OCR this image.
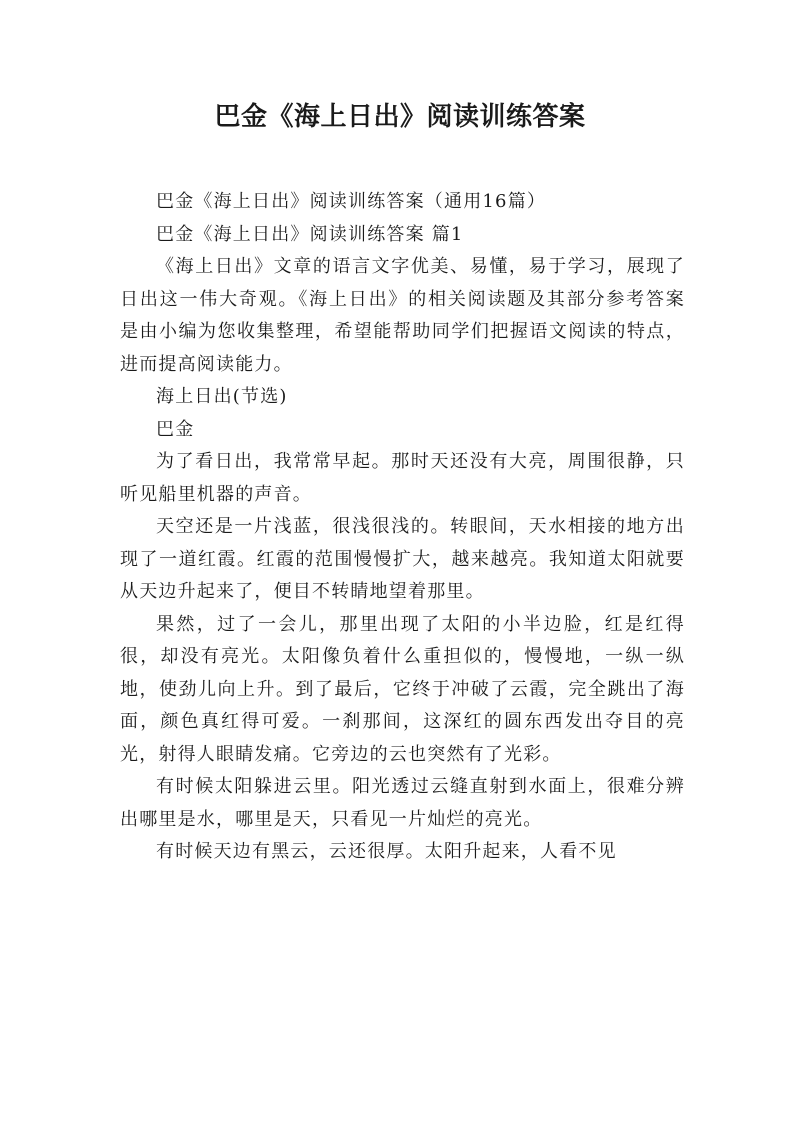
巴金《海上日出》阅读训练答案

巴金《海上日出》阅读训练答案（通用16篇）

巴金《海上日出》阅读训练答案 篇1

《海上日出》文章的语言文字优美、易懂，易于学习，展现了日出这一伟大奇观。《海上日出》的相关阅读题及其部分参考答案是由小编为您收集整理，希望能帮助同学们把握语文阅读的特点，进而提高阅读能力。

海上日出(节选)

巴金

为了看日出，我常常早起。那时天还没有大亮，周围很静，只听见船里机器的声音。

天空还是一片浅蓝，很浅很浅的。转眼间，天水相接的地方出现了一道红霞。红霞的范围慢慢扩大，越来越亮。我知道太阳就要从天边升起来了，便目不转睛地望着那里。

果然，过了一会儿，那里出现了太阳的小半边脸，红是红得很，却没有亮光。太阳像负着什么重担似的，慢慢地，一纵一纵地，使劲儿向上升。到了最后，它终于冲破了云霞，完全跳出了海面，颜色真红得可爱。一刹那间，这深红的圆东西发出夺目的亮光，射得人眼睛发痛。它旁边的云也突然有了光彩。

有时候太阳躲进云里。阳光透过云缝直射到水面上，很难分辨出哪里是水，哪里是天，只看见一片灿烂的亮光。

有时候天边有黑云，云还很厚。太阳升起来，人看不见
